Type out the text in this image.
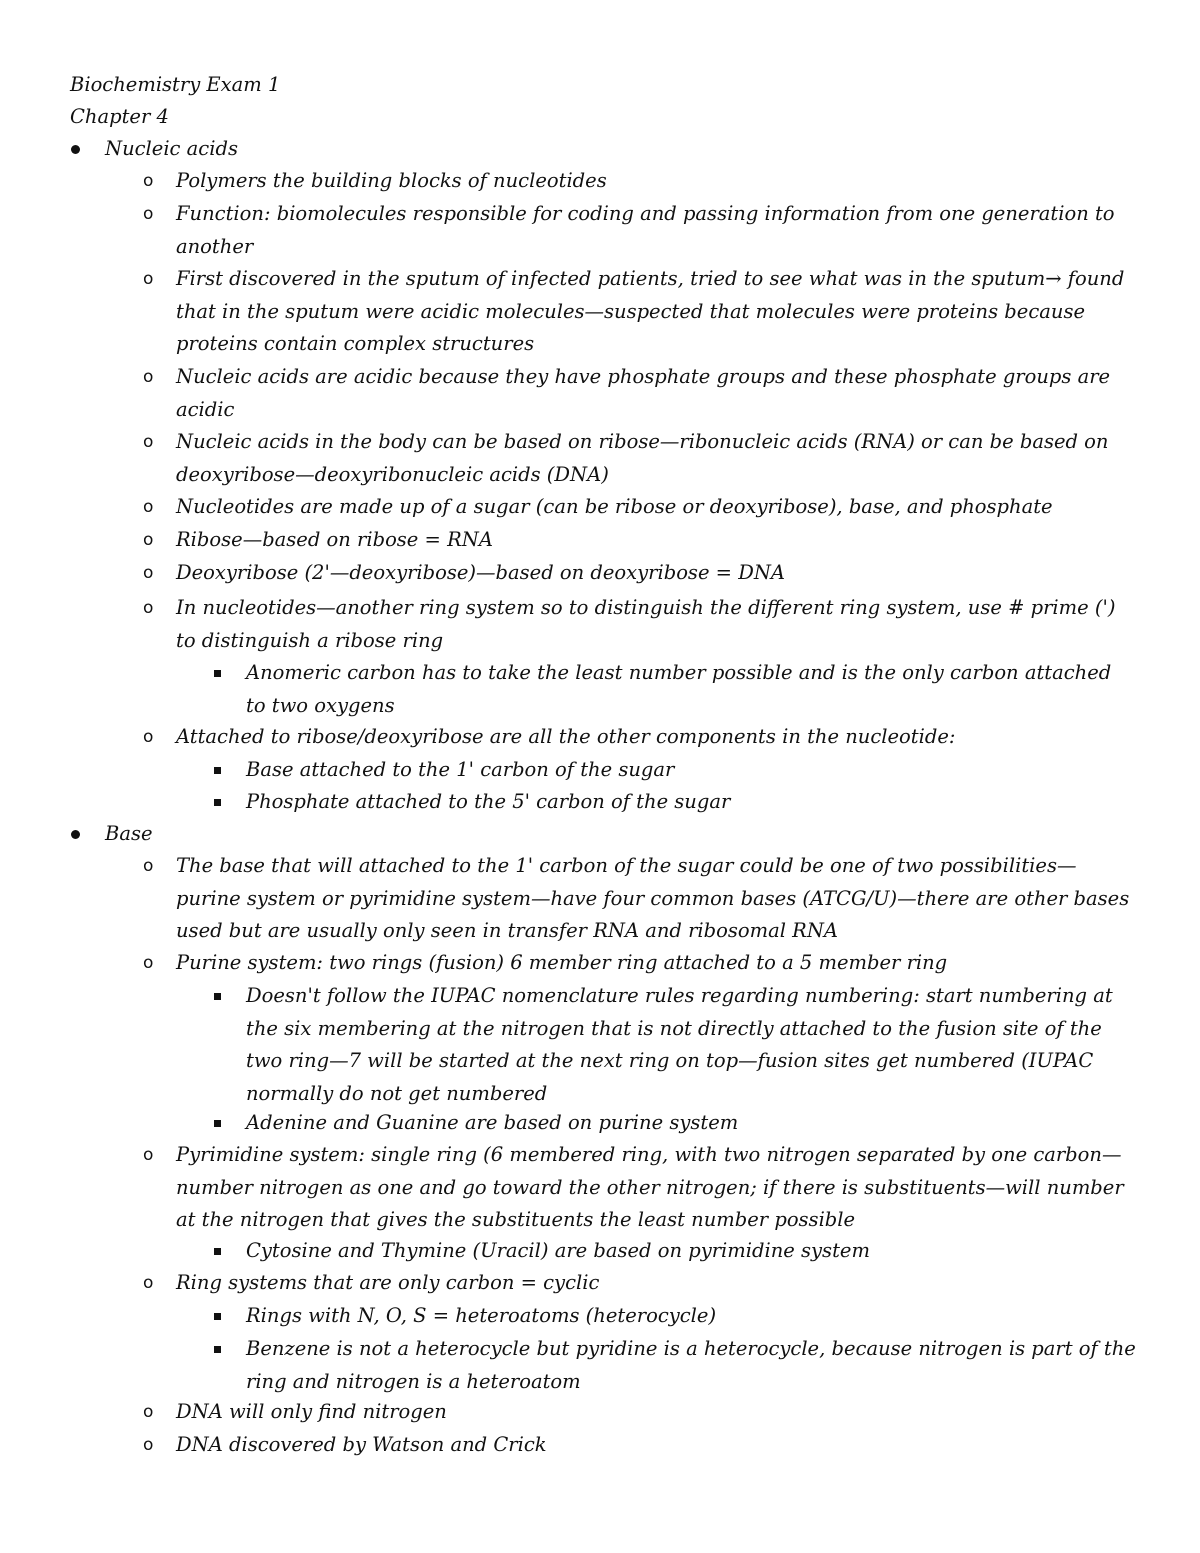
Biochemistry Exam 1
Chapter 4
Nucleic acids
o Polymers the building blocks of nucleotides
o Function: biomolecules responsible for coding and passing information from one generation to another
o First discovered in the sputum of infected patients, tried to see what was in the sputum→ found that in the sputum were acidic molecules—suspected that molecules were proteins because proteins contain complex structures
o Nucleic acids are acidic because they have phosphate groups and these phosphate groups are acidic
o Nucleic acids in the body can be based on ribose—ribonucleic acids (RNA) or can be based on deoxyribose—deoxyribonucleic acids (DNA)
o Nucleotides are made up of a sugar (can be ribose or deoxyribose), base, and phosphate
o Ribose—based on ribose = RNA
o Deoxyribose (2'—deoxyribose)—based on deoxyribose = DNA
o In nucleotides—another ring system so to distinguish the different ring system, use # prime (') to distinguish a ribose ring
Anomeric carbon has to take the least number possible and is the only carbon attached to two oxygens
o Attached to ribose/deoxyribose are all the other components in the nucleotide:
Base attached to the 1' carbon of the sugar
Phosphate attached to the 5' carbon of the sugar
Base
o The base that will attached to the 1' carbon of the sugar could be one of two possibilities—purine system or pyrimidine system—have four common bases (ATCG/U)—there are other bases used but are usually only seen in transfer RNA and ribosomal RNA
o Purine system: two rings (fusion) 6 member ring attached to a 5 member ring
Doesn't follow the IUPAC nomenclature rules regarding numbering: start numbering at the six membering at the nitrogen that is not directly attached to the fusion site of the two ring—7 will be started at the next ring on top—fusion sites get numbered (IUPAC normally do not get numbered
Adenine and Guanine are based on purine system
o Pyrimidine system: single ring (6 membered ring, with two nitrogen separated by one carbon—number nitrogen as one and go toward the other nitrogen; if there is substituents—will number at the nitrogen that gives the substituents the least number possible
Cytosine and Thymine (Uracil) are based on pyrimidine system
o Ring systems that are only carbon = cyclic
Rings with N, O, S = heteroatoms (heterocycle)
Benzene is not a heterocycle but pyridine is a heterocycle, because nitrogen is part of the ring and nitrogen is a heteroatom
o DNA will only find nitrogen
o DNA discovered by Watson and Crick
